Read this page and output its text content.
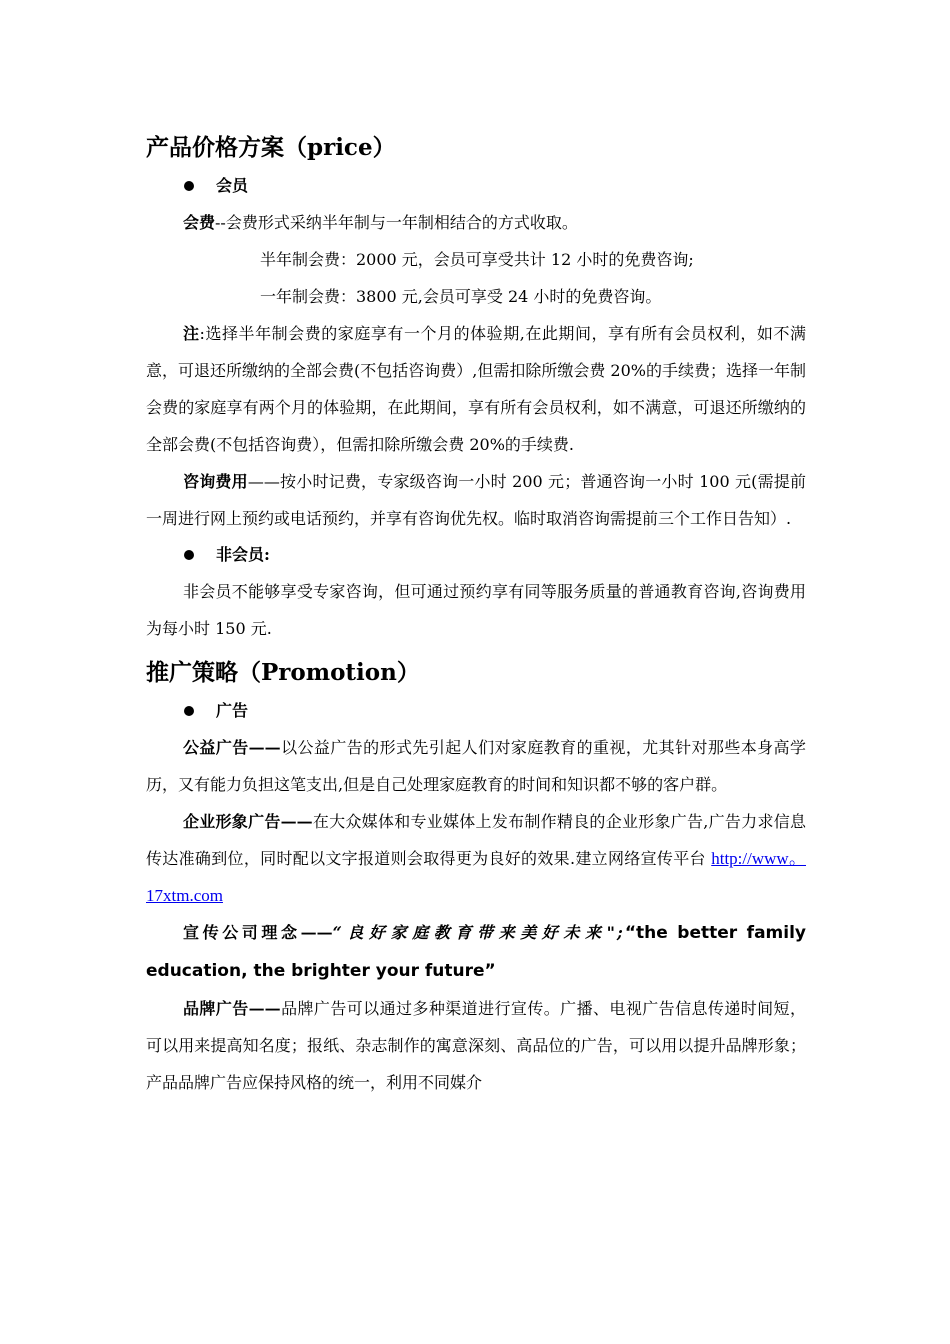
产品价格方案（price）
会员

会费--会费形式采纳半年制与一年制相结合的方式收取。

半年制会费：2000 元，会员可享受共计 12 小时的免费咨询;

一年制会费：3800 元,会员可享受 24 小时的免费咨询。

注:选择半年制会费的家庭享有一个月的体验期,在此期间，享有所有会员权利，如不满意，可退还所缴纳的全部会费(不包括咨询费）,但需扣除所缴会费 20%的手续费；选择一年制会费的家庭享有两个月的体验期，在此期间，享有所有会员权利，如不满意，可退还所缴纳的全部会费(不包括咨询费），但需扣除所缴会费 20%的手续费.

咨询费用——按小时记费，专家级咨询一小时 200 元；普通咨询一小时 100 元(需提前一周进行网上预约或电话预约，并享有咨询优先权。临时取消咨询需提前三个工作日告知）.

非会员:

非会员不能够享受专家咨询，但可通过预约享有同等服务质量的普通教育咨询,咨询费用为每小时 150 元.

推广策略（Promotion）
广告

公益广告——以公益广告的形式先引起人们对家庭教育的重视，尤其针对那些本身高学历，又有能力负担这笔支出,但是自己处理家庭教育的时间和知识都不够的客户群。

企业形象广告——在大众媒体和专业媒体上发布制作精良的企业形象广告,广告力求信息传达准确到位，同时配以文字报道则会取得更为良好的效果.建立网络宣传平台 http://www。17xtm.com

宣传公司理念——“良好家庭教育带来美好未来";“the better family education, the brighter your future”

品牌广告——品牌广告可以通过多种渠道进行宣传。广播、电视广告信息传递时间短，可以用来提高知名度；报纸、杂志制作的寓意深刻、高品位的广告，可以用以提升品牌形象；产品品牌广告应保持风格的统一，利用不同媒介
